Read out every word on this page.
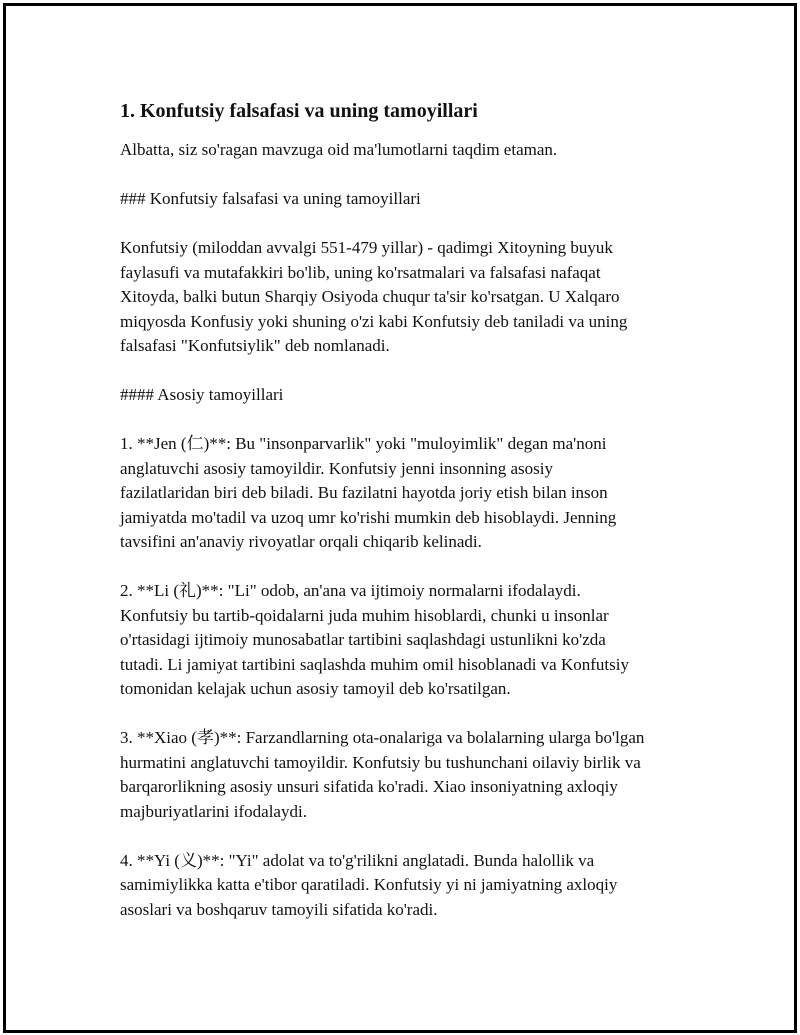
1. Konfutsiy falsafasi va uning tamoyillari

Albatta, siz so'ragan mavzuga oid ma'lumotlarni taqdim etaman.

### Konfutsiy falsafasi va uning tamoyillari

Konfutsiy (miloddan avvalgi 551-479 yillar) - qadimgi Xitoyning buyuk
faylasufi va mutafakkiri bo'lib, uning ko'rsatmalari va falsafasi nafaqat
Xitoyda, balki butun Sharqiy Osiyoda chuqur ta'sir ko'rsatgan. U Xalqaro
miqyosda Konfusiy yoki shuning o'zi kabi Konfutsiy deb taniladi va uning
falsafasi "Konfutsiylik" deb nomlanadi.

#### Asosiy tamoyillari

1. **Jen (仁)**: Bu "insonparvarlik" yoki "muloyimlik" degan ma'noni
anglatuvchi asosiy tamoyildir. Konfutsiy jenni insonning asosiy
fazilatlaridan biri deb biladi. Bu fazilatni hayotda joriy etish bilan inson
jamiyatda mo'tadil va uzoq umr ko'rishi mumkin deb hisoblaydi. Jenning
tavsifini an'anaviy rivoyatlar orqali chiqarib kelinadi.

2. **Li (礼)**: "Li" odob, an'ana va ijtimoiy normalarni ifodalaydi.
Konfutsiy bu tartib-qoidalarni juda muhim hisoblardi, chunki u insonlar
o'rtasidagi ijtimoiy munosabatlar tartibini saqlashdagi ustunlikni ko'zda
tutadi. Li jamiyat tartibini saqlashda muhim omil hisoblanadi va Konfutsiy
tomonidan kelajak uchun asosiy tamoyil deb ko'rsatilgan.

3. **Xiao (孝)**: Farzandlarning ota-onalariga va bolalarning ularga bo'lgan
hurmatini anglatuvchi tamoyildir. Konfutsiy bu tushunchani oilaviy birlik va
barqarorlikning asosiy unsuri sifatida ko'radi. Xiao insoniyatning axloqiy
majburiyatlarini ifodalaydi.

4. **Yi (义)**: "Yi" adolat va to'g'rilikni anglatadi. Bunda halollik va
samimiylikka katta e'tibor qaratiladi. Konfutsiy yi ni jamiyatning axloqiy
asoslari va boshqaruv tamoyili sifatida ko'radi.
